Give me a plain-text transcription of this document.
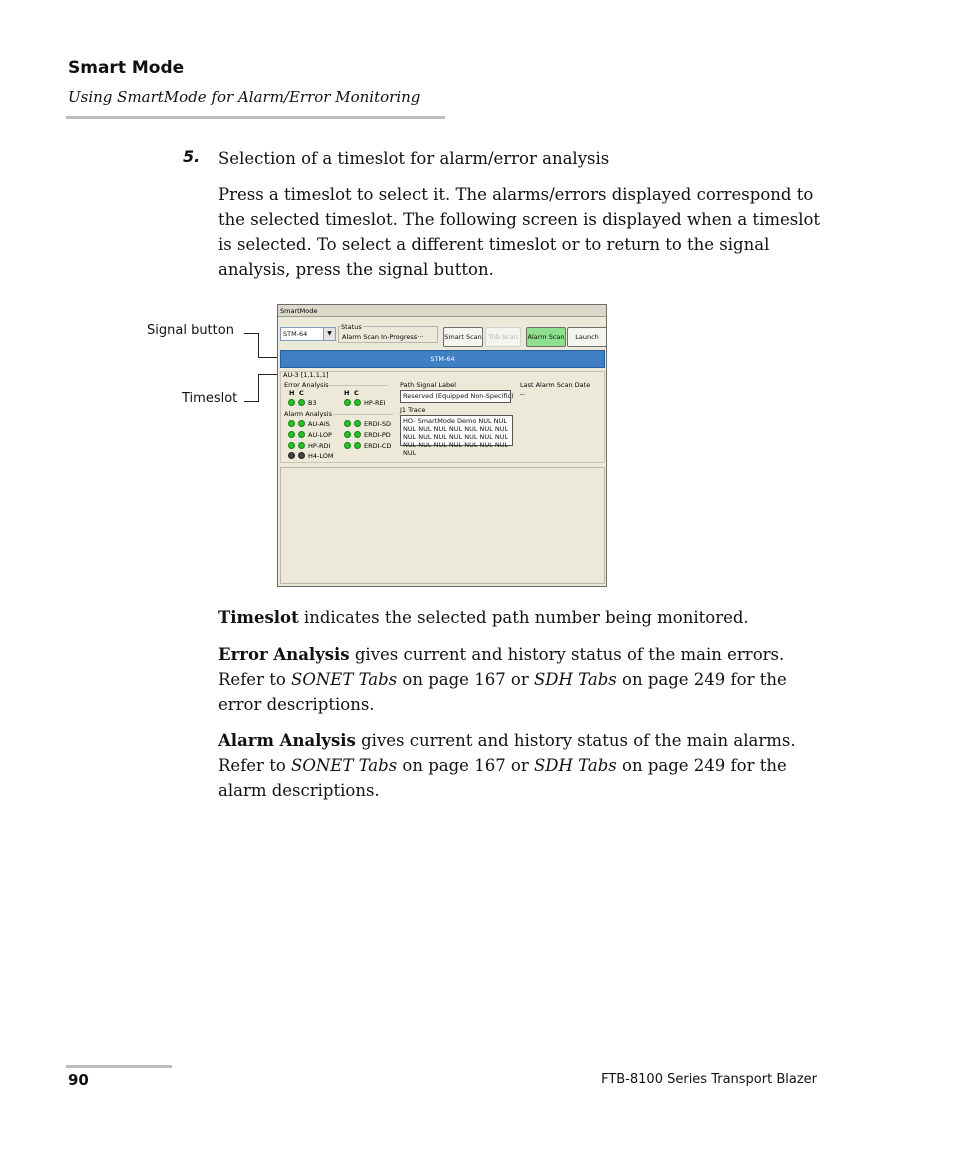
Smart Mode
Using SmartMode for Alarm/Error Monitoring
5. Selection of a timeslot for alarm/error analysis
Press a timeslot to select it. The alarms/errors displayed correspond to the selected timeslot. The following screen is displayed when a timeslot is selected. To select a different timeslot or to return to the signal analysis, press the signal button.
Signal button
Timeslot
SmartMode
STM-64	▼
Status
Alarm Scan In-Progress···	Smart Scan Trib Scan	Alarm Scan	Launch
STM-64
AU-3 [1,1,1,1]
Error Analysis
H C	H C
B3	HP-REI
Alarm Analysis
AU-AIS	ERDI-SD
AU-LOP	ERDI-PD
HP-RDI	ERDI-CD
H4-LOM
Path Signal Label
Reserved (Equipped Non-Specific)
J1 Trace
HO- SmartMode Demo NUL NUL NUL NUL NUL NUL NUL NUL NUL NUL NUL NUL NUL NUL NUL NUL NUL NUL NUL NUL NUL NUL NUL NUL
Last Alarm Scan Date
--
Timeslot indicates the selected path number being monitored.
Error Analysis gives current and history status of the main errors. Refer to SONET Tabs on page 167 or SDH Tabs on page 249 for the error descriptions.
Alarm Analysis gives current and history status of the main alarms. Refer to SONET Tabs on page 167 or SDH Tabs on page 249 for the alarm descriptions.
90	FTB-8100 Series Transport Blazer
